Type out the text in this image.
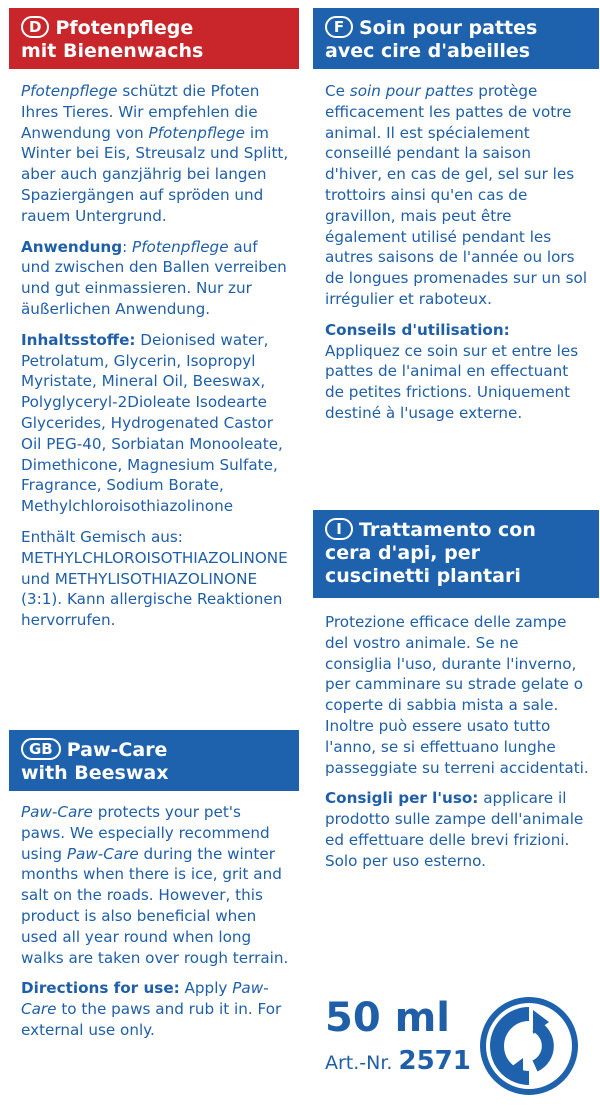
D Pfotenpflege
mit Bienenwachs

Pfotenpflege schützt die Pfoten Ihres Tieres. Wir empfehlen die Anwendung von Pfotenpflege im Winter bei Eis, Streusalz und Splitt, aber auch ganzjährig bei langen Spaziergängen auf spröden und rauem Untergrund.

Anwendung: Pfotenpflege auf und zwischen den Ballen verreiben und gut einmassieren. Nur zur äußerlichen Anwendung.

Inhaltsstoffe: Deionised water, Petrolatum, Glycerin, Isopropyl Myristate, Mineral Oil, Beeswax, Polyglyceryl-2Dioleate Isodearte Glycerides, Hydrogenated Castor Oil PEG-40, Sorbiatan Monooleate, Dimethicone, Magnesium Sulfate, Fragrance, Sodium Borate, Methylchloroisothiazolinone

Enthält Gemisch aus: METHYLCHLOROISOTHIAZOLINONE und METHYLISOTHIAZOLINONE (3:1). Kann allergische Reaktionen hervorrufen.

GB Paw-Care
with Beeswax

Paw-Care protects your pet's paws. We especially recommend using Paw-Care during the winter months when there is ice, grit and salt on the roads. However, this product is also beneficial when used all year round when long walks are taken over rough terrain.

Directions for use: Apply Paw-Care to the paws and rub it in. For external use only.

F Soin pour pattes
avec cire d'abeilles

Ce soin pour pattes protège efficacement les pattes de votre animal. Il est spécialement conseillé pendant la saison d'hiver, en cas de gel, sel sur les trottoirs ainsi qu'en cas de gravillon, mais peut être également utilisé pendant les autres saisons de l'année ou lors de longues promenades sur un sol irrégulier et raboteux.

Conseils d'utilisation: Appliquez ce soin sur et entre les pattes de l'animal en effectuant de petites frictions. Uniquement destiné à l'usage externe.

I Trattamento con
cera d'api, per
cuscinetti plantari

Protezione efficace delle zampe del vostro animale. Se ne consiglia l'uso, durante l'inverno, per camminare su strade gelate o coperte di sabbia mista a sale. Inoltre può essere usato tutto l'anno, se si effettuano lunghe passeggiate su terreni accidentati.

Consigli per l'uso: applicare il prodotto sulle zampe dell'animale ed effettuare delle brevi frizioni. Solo per uso esterno.

50 ml
Art.-Nr. 2571
